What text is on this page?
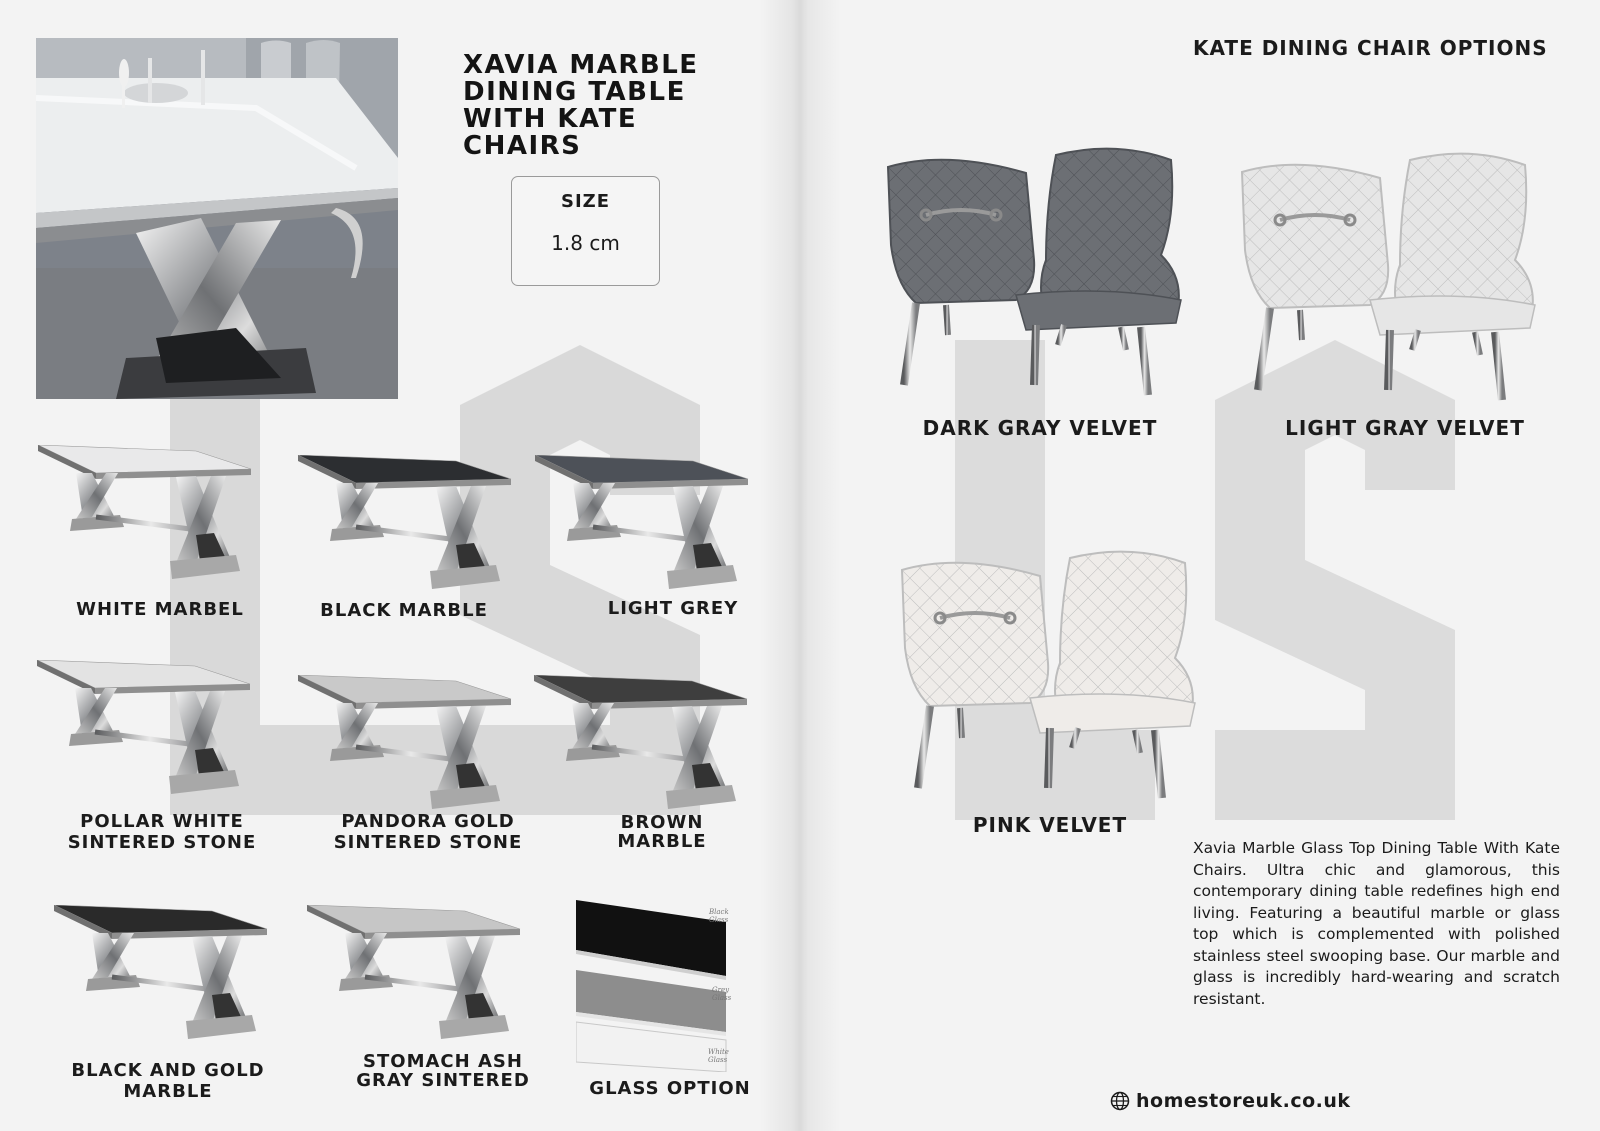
XAVIA MARBLE DINING TABLE WITH KATE CHAIRS
SIZE
1.8 cm
Black Glass
Grey Glass
White Glass
WHITE MARBEL	BLACK MARBLE	LIGHT GREY
POLLAR WHITE SINTERED STONE
PANDORA GOLD SINTERED STONE
BROWN MARBLE
BLACK AND GOLD MARBLE
STOMACH ASH GRAY SINTERED	GLASS OPTION
KATE DINING CHAIR OPTIONS
DARK GRAY VELVET	LIGHT GRAY VELVET
PINK VELVET
Xavia Marble Glass Top Dining Table With Kate Chairs. Ultra chic and glamorous, this contemporary dining table redefines high end living. Featuring a beautiful marble or glass top which is complemented with polished stainless steel swooping base. Our marble and glass is incredibly hard-wearing and scratch resistant.
homestoreuk.co.uk
